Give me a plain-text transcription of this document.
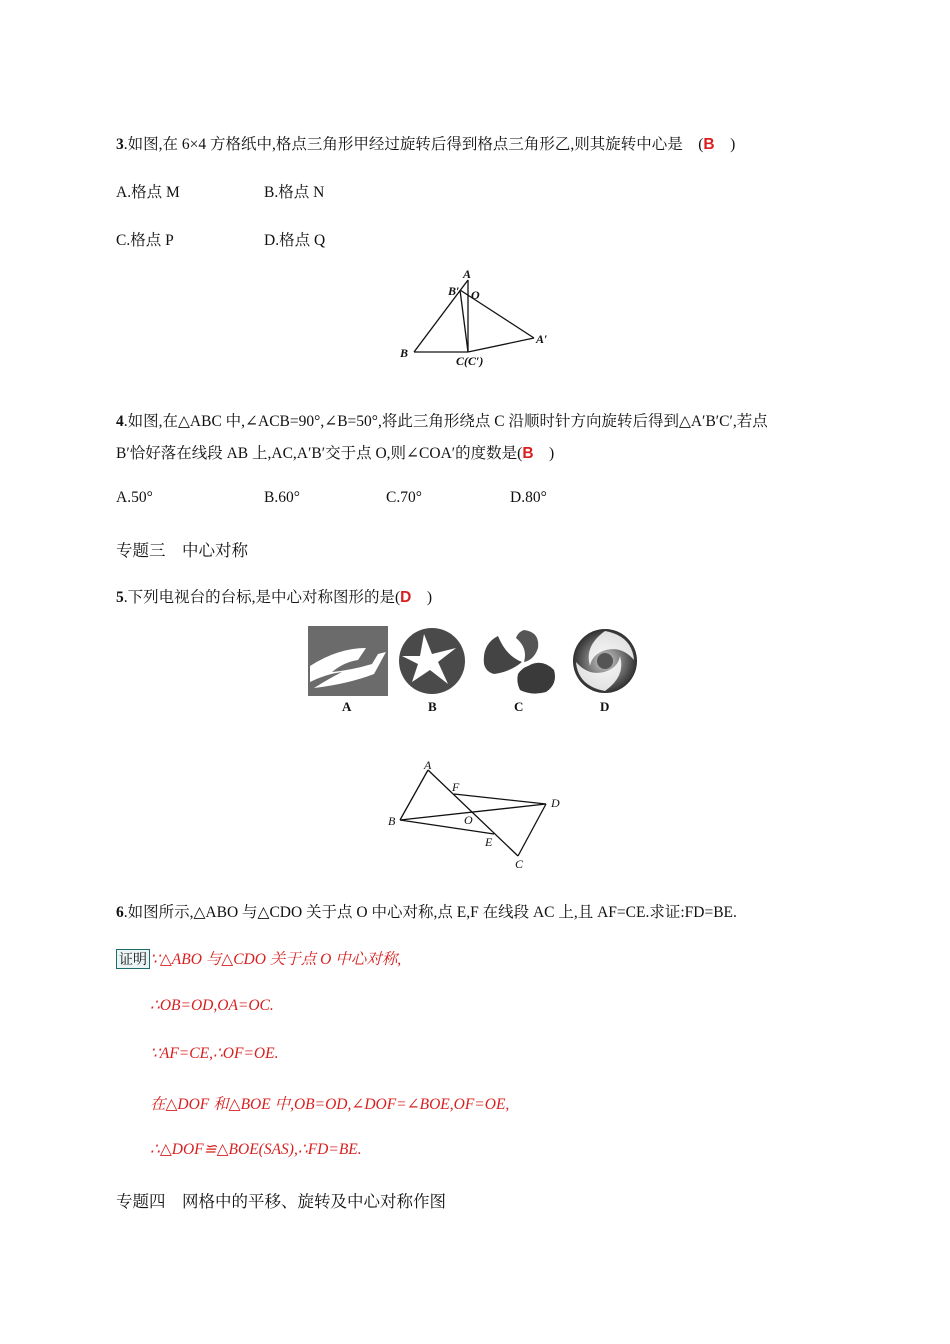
3.如图,在 6×4 方格纸中,格点三角形甲经过旋转后得到格点三角形乙,则其旋转中心是　(B　 )
A.格点 M	B.格点 N
C.格点 P	D.格点 Q
A
B′ O
B
C(C′)
A′
4.如图,在△ABC 中,∠ACB=90°,∠B=50°,将此三角形绕点 C 沿顺时针方向旋转后得到△A′B′C′,若点
B′恰好落在线段 AB 上,AC,A′B′交于点 O,则∠COA′的度数是(B　 )
A.50°	B.60°	C.70°	D.80°
专题三　中心对称
5.下列电视台的台标,是中心对称图形的是(D　 )
A	B	C	D
A
F
D
B	O
E
C
6.如图所示,△ABO 与△CDO 关于点 O 中心对称,点 E,F 在线段 AC 上,且 AF=CE.求证:FD=BE.
证明 ∵△ABO 与△CDO 关于点 O 中心对称,
∴OB=OD,OA=OC.
∵AF=CE,∴OF=OE.
在△DOF 和△BOE 中,OB=OD,∠DOF=∠BOE,OF=OE,
∴△DOF≌△BOE(SAS),∴FD=BE.
专题四　网格中的平移、旋转及中心对称作图
